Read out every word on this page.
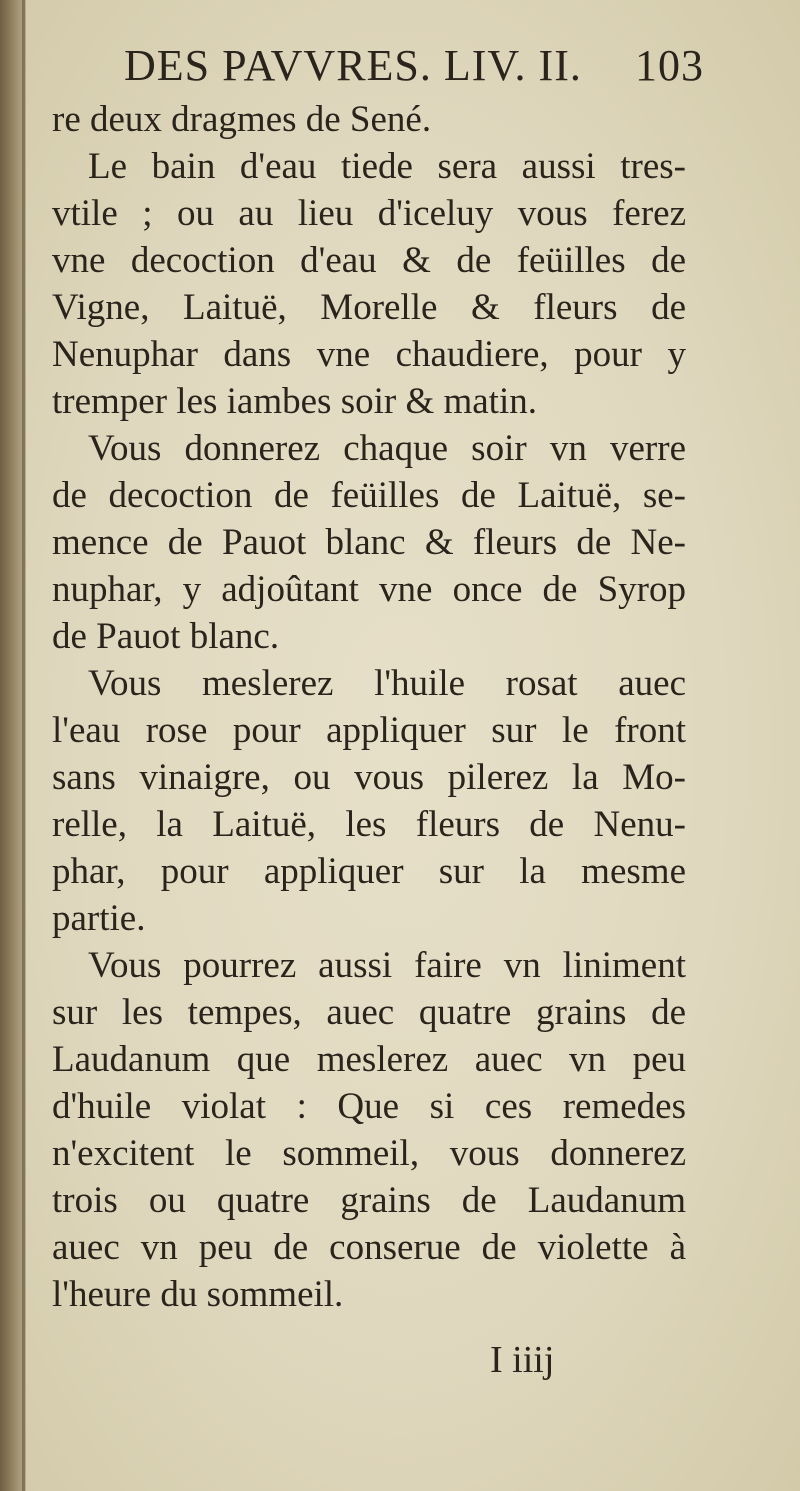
DES PAVVRES. LIV. II. 103
re deux dragmes de Sené.
Le bain d'eau tiede sera aussi tres-
vtile ; ou au lieu d'iceluy vous ferez
vne decoction d'eau & de feüilles de
Vigne, Laituë, Morelle & fleurs de
Nenuphar dans vne chaudiere, pour y
tremper les iambes soir & matin.
Vous donnerez chaque soir vn verre
de decoction de feüilles de Laituë, se-
mence de Pauot blanc & fleurs de Ne-
nuphar, y adjoûtant vne once de Syrop
de Pauot blanc.
Vous meslerez l'huile rosat auec
l'eau rose pour appliquer sur le front
sans vinaigre, ou vous pilerez la Mo-
relle, la Laituë, les fleurs de Nenu-
phar, pour appliquer sur la mesme
partie.
Vous pourrez aussi faire vn liniment
sur les tempes, auec quatre grains de
Laudanum que meslerez auec vn peu
d'huile violat : Que si ces remedes
n'excitent le sommeil, vous donnerez
trois ou quatre grains de Laudanum
auec vn peu de conserue de violette à
l'heure du sommeil.
I iiij
